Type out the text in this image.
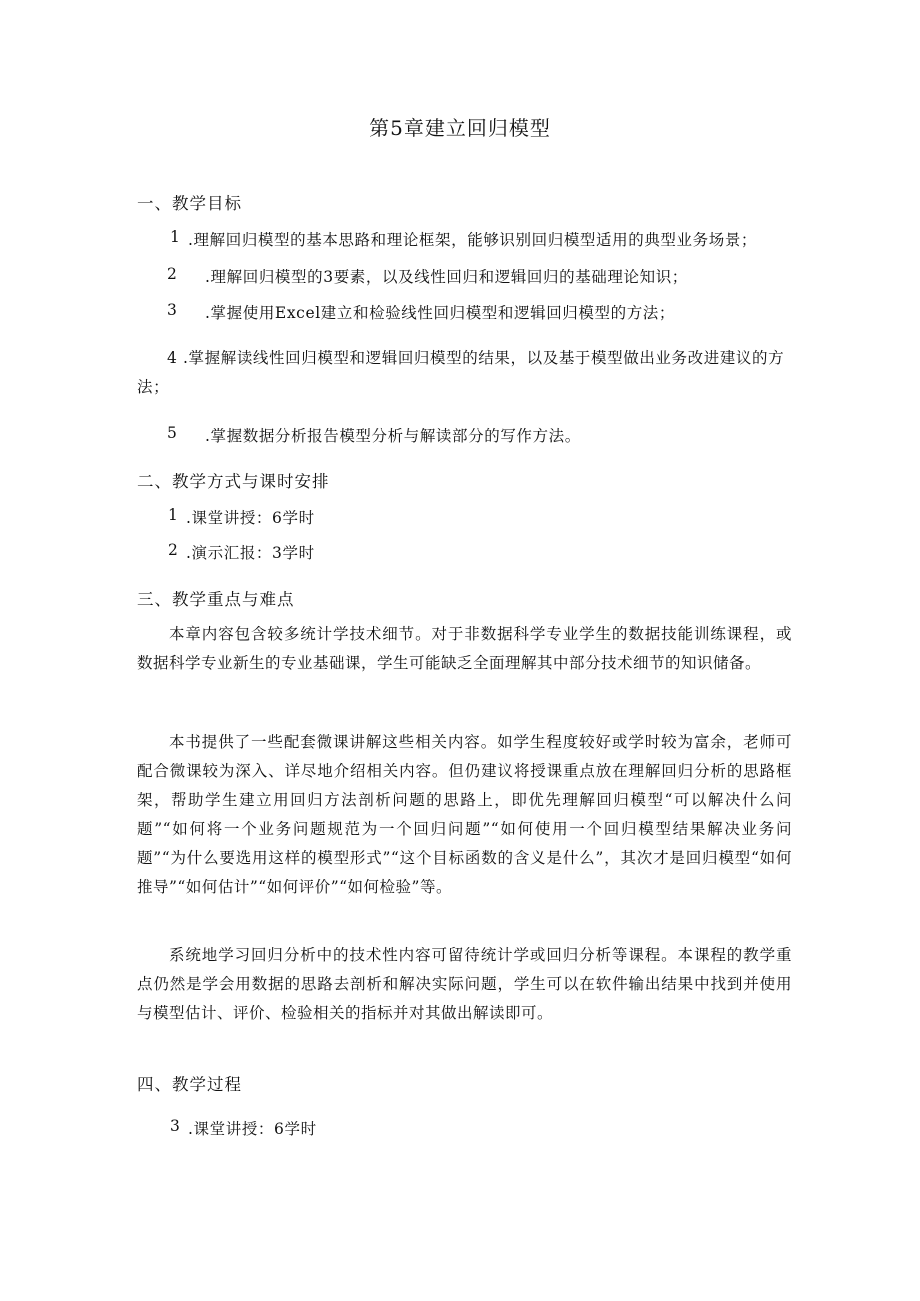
第5章建立回归模型
一、教学目标
1 .理解回归模型的基本思路和理论框架，能够识别回归模型适用的典型业务场景；
2 .理解回归模型的3要素，以及线性回归和逻辑回归的基础理论知识；
3 .掌握使用Excel建立和检验线性回归模型和逻辑回归模型的方法；
4 .掌握解读线性回归模型和逻辑回归模型的结果，以及基于模型做出业务改进建议的方法；
5 .掌握数据分析报告模型分析与解读部分的写作方法。
二、教学方式与课时安排
1 .课堂讲授：6学时
2 .演示汇报：3学时
三、教学重点与难点
本章内容包含较多统计学技术细节。对于非数据科学专业学生的数据技能训练课程，或数据科学专业新生的专业基础课，学生可能缺乏全面理解其中部分技术细节的知识储备。
本书提供了一些配套微课讲解这些相关内容。如学生程度较好或学时较为富余，老师可配合微课较为深入、详尽地介绍相关内容。但仍建议将授课重点放在理解回归分析的思路框架，帮助学生建立用回归方法剖析问题的思路上，即优先理解回归模型“可以解决什么问题”“如何将一个业务问题规范为一个回归问题”“如何使用一个回归模型结果解决业务问题”“为什么要选用这样的模型形式”“这个目标函数的含义是什么”，其次才是回归模型“如何推导”“如何估计”“如何评价”“如何检验”等。
系统地学习回归分析中的技术性内容可留待统计学或回归分析等课程。本课程的教学重点仍然是学会用数据的思路去剖析和解决实际问题，学生可以在软件输出结果中找到并使用与模型估计、评价、检验相关的指标并对其做出解读即可。
四、教学过程
3 .课堂讲授：6学时
